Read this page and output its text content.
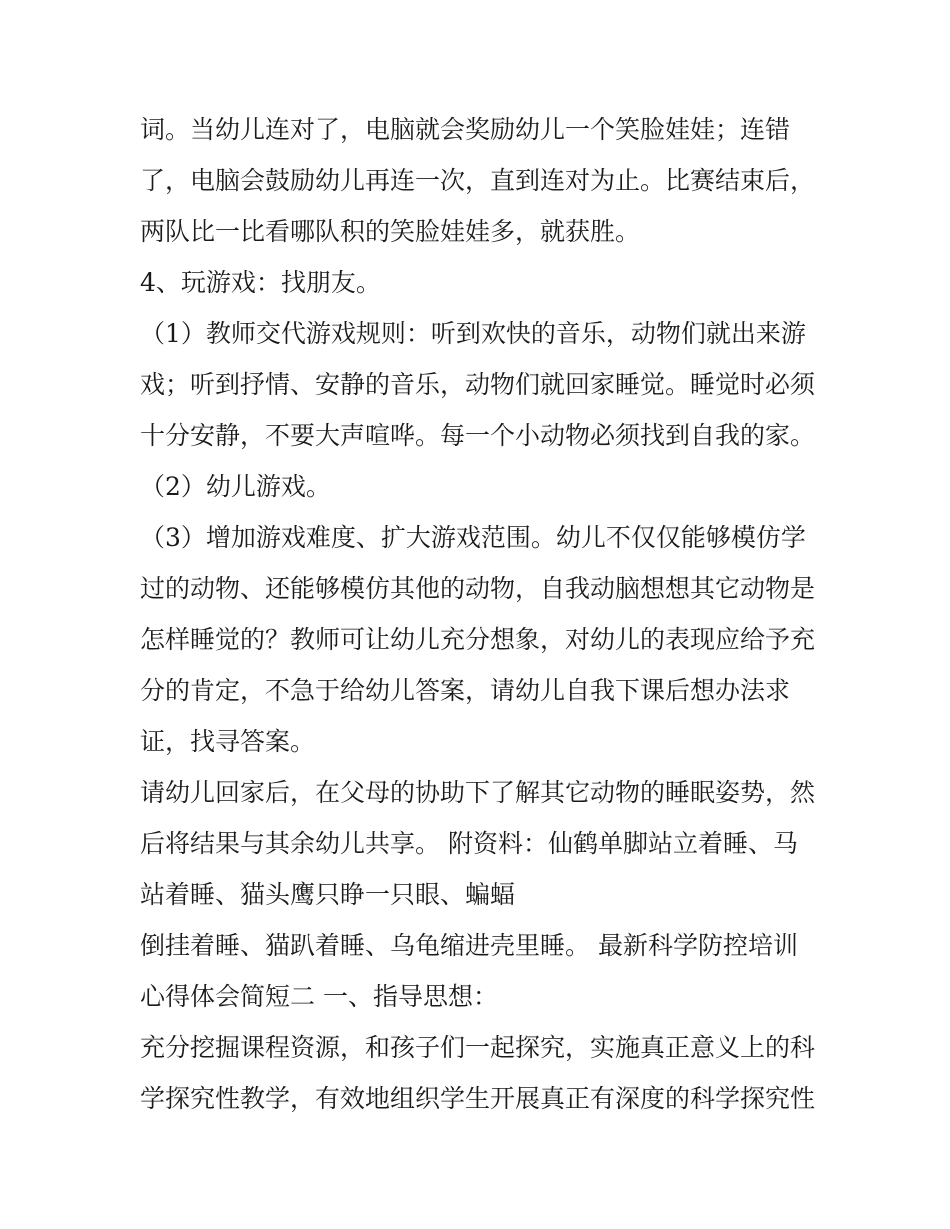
词。当幼儿连对了，电脑就会奖励幼儿一个笑脸娃娃；连错
了，电脑会鼓励幼儿再连一次，直到连对为止。比赛结束后，
两队比一比看哪队积的笑脸娃娃多，就获胜。
4、玩游戏：找朋友。
（1）教师交代游戏规则：听到欢快的音乐，动物们就出来游
戏；听到抒情、安静的音乐，动物们就回家睡觉。睡觉时必须
十分安静，不要大声喧哗。每一个小动物必须找到自我的家。
（2）幼儿游戏。
（3）增加游戏难度、扩大游戏范围。幼儿不仅仅能够模仿学
过的动物、还能够模仿其他的动物，自我动脑想想其它动物是
怎样睡觉的？教师可让幼儿充分想象，对幼儿的表现应给予充
分的肯定，不急于给幼儿答案，请幼儿自我下课后想办法求
证，找寻答案。
请幼儿回家后，在父母的协助下了解其它动物的睡眠姿势，然
后将结果与其余幼儿共享。 附资料：仙鹤单脚站立着睡、马
站着睡、猫头鹰只睁一只眼、蝙蝠
倒挂着睡、猫趴着睡、乌龟缩进壳里睡。 最新科学防控培训
心得体会简短二 一、指导思想：
充分挖掘课程资源，和孩子们一起探究，实施真正意义上的科
学探究性教学，有效地组织学生开展真正有深度的科学探究性
